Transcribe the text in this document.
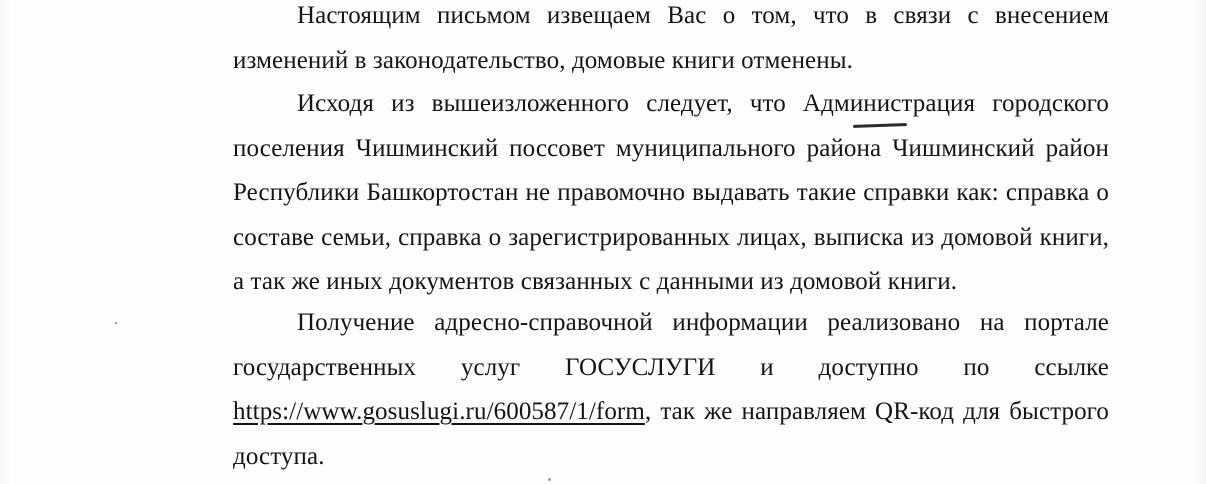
Настоящим письмом извещаем Вас о том, что в связи с внесением изменений в законодательство, домовые книги отменены.

Исходя из вышеизложенного следует, что Администрация городского поселения Чишминский поссовет муниципального района Чишминский район Республики Башкортостан не правомочно выдавать такие справки как: справка о составе семьи, справка о зарегистрированных лицах, выписка из домовой книги, а так же иных документов связанных с данными из домовой книги.

Получение адресно-справочной информации реализовано на портале государственных услуг ГОСУСЛУГИ и доступно по ссылке https://www.gosuslugi.ru/600587/1/form, так же направляем QR-код для быстрого доступа.
